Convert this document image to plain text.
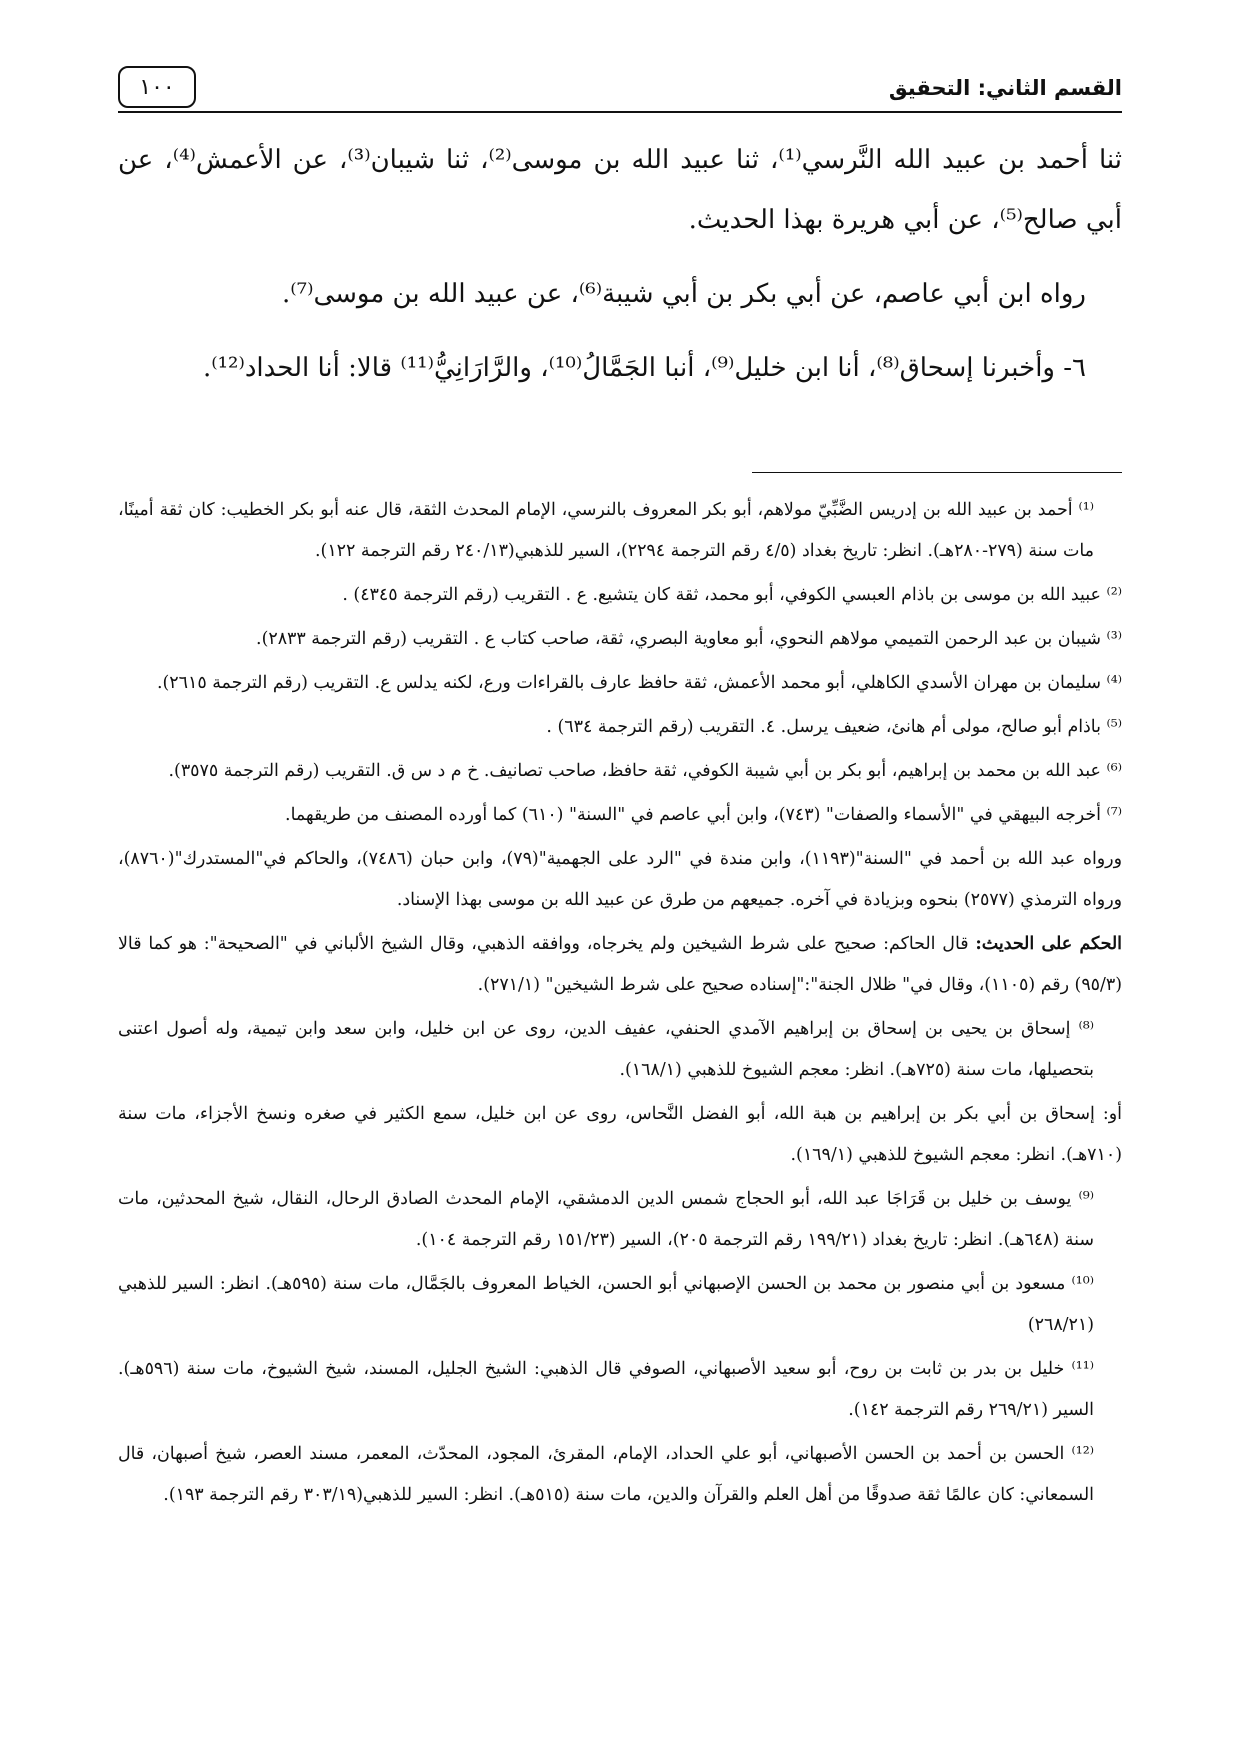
القسم الثاني: التحقيق
١٠٠

ثنا أحمد بن عبيد الله النَّرسي⁽¹⁾، ثنا عبيد الله بن موسى⁽²⁾، ثنا شيبان⁽³⁾، عن الأعمش⁽⁴⁾، عن أبي صالح⁽⁵⁾، عن أبي هريرة بهذا الحديث.

رواه ابن أبي عاصم، عن أبي بكر بن أبي شيبة⁽⁶⁾، عن عبيد الله بن موسى⁽⁷⁾.

٦- وأخبرنا إسحاق⁽⁸⁾، أنا ابن خليل⁽⁹⁾، أنبا الجَمَّالُ⁽¹⁰⁾، والرَّارَانِيُّ⁽¹¹⁾ قالا: أنا الحداد⁽¹²⁾.

⁽¹⁾ أحمد بن عبيد الله بن إدريس الضَّبِّيّ مولاهم، أبو بكر المعروف بالنرسي، الإمام المحدث الثقة، قال عنه أبو بكر الخطيب: كان ثقة أمينًا، مات سنة (٢٧٩-٢٨٠هـ). انظر: تاريخ بغداد (٤/٥ رقم الترجمة ٢٢٩٤)، السير للذهبي(٢٤٠/١٣ رقم الترجمة ١٢٢).

⁽²⁾ عبيد الله بن موسى بن باذام العبسي الكوفي، أبو محمد، ثقة كان يتشيع. ع . التقريب (رقم الترجمة ٤٣٤٥) .

⁽³⁾ شيبان بن عبد الرحمن التميمي مولاهم النحوي، أبو معاوية البصري، ثقة، صاحب كتاب ع . التقريب (رقم الترجمة ٢٨٣٣).

⁽⁴⁾ سليمان بن مهران الأسدي الكاهلي، أبو محمد الأعمش، ثقة حافظ عارف بالقراءات ورع، لكنه يدلس ع. التقريب (رقم الترجمة ٢٦١٥).

⁽⁵⁾ باذام أبو صالح، مولى أم هانئ، ضعيف يرسل. ٤. التقريب (رقم الترجمة ٦٣٤) .

⁽⁶⁾ عبد الله بن محمد بن إبراهيم، أبو بكر بن أبي شيبة الكوفي، ثقة حافظ، صاحب تصانيف. خ م د س ق. التقريب (رقم الترجمة ٣٥٧٥).

⁽⁷⁾ أخرجه البيهقي في "الأسماء والصفات" (٧٤٣)، وابن أبي عاصم في "السنة" (٦١٠) كما أورده المصنف من طريقهما.

ورواه عبد الله بن أحمد في "السنة"(١١٩٣)، وابن مندة في "الرد على الجهمية"(٧٩)، وابن حبان (٧٤٨٦)، والحاكم في"المستدرك"(٨٧٦٠)، ورواه الترمذي (٢٥٧٧) بنحوه وبزيادة في آخره. جميعهم من طرق عن عبيد الله بن موسى بهذا الإسناد.

الحكم على الحديث: قال الحاكم: صحيح على شرط الشيخين ولم يخرجاه، ووافقه الذهبي، وقال الشيخ الألباني في "الصحيحة": هو كما قالا (٩٥/٣) رقم (١١٠٥)، وقال في" ظلال الجنة":"إسناده صحيح على شرط الشيخين" (٢٧١/١).

⁽⁸⁾ إسحاق بن يحيى بن إسحاق بن إبراهيم الآمدي الحنفي، عفيف الدين، روى عن ابن خليل، وابن سعد وابن تيمية، وله أصول اعتنى بتحصيلها، مات سنة (٧٢٥هـ). انظر: معجم الشيوخ للذهبي (١٦٨/١).

أو: إسحاق بن أبي بكر بن إبراهيم بن هبة الله، أبو الفضل النَّحاس، روى عن ابن خليل، سمع الكثير في صغره ونسخ الأجزاء، مات سنة (٧١٠هـ). انظر: معجم الشيوخ للذهبي (١٦٩/١).

⁽⁹⁾ يوسف بن خليل بن قَرَاجَا عبد الله، أبو الحجاج شمس الدين الدمشقي، الإمام المحدث الصادق الرحال، النقال، شيخ المحدثين، مات سنة (٦٤٨هـ). انظر: تاريخ بغداد (١٩٩/٢١ رقم الترجمة ٢٠٥)، السير (١٥١/٢٣ رقم الترجمة ١٠٤).

⁽¹⁰⁾ مسعود بن أبي منصور بن محمد بن الحسن الإصبهاني أبو الحسن، الخياط المعروف بالجَمَّال، مات سنة (٥٩٥هـ). انظر: السير للذهبي (٢٦٨/٢١)

⁽¹¹⁾ خليل بن بدر بن ثابت بن روح، أبو سعيد الأصبهاني، الصوفي قال الذهبي: الشيخ الجليل، المسند، شيخ الشيوخ، مات سنة (٥٩٦هـ). السير (٢٦٩/٢١ رقم الترجمة ١٤٢).

⁽¹²⁾ الحسن بن أحمد بن الحسن الأصبهاني، أبو علي الحداد، الإمام، المقرئ، المجود، المحدّث، المعمر، مسند العصر، شيخ أصبهان، قال السمعاني: كان عالمًا ثقة صدوقًا من أهل العلم والقرآن والدين، مات سنة (٥١٥هـ). انظر: السير للذهبي(٣٠٣/١٩ رقم الترجمة ١٩٣).
